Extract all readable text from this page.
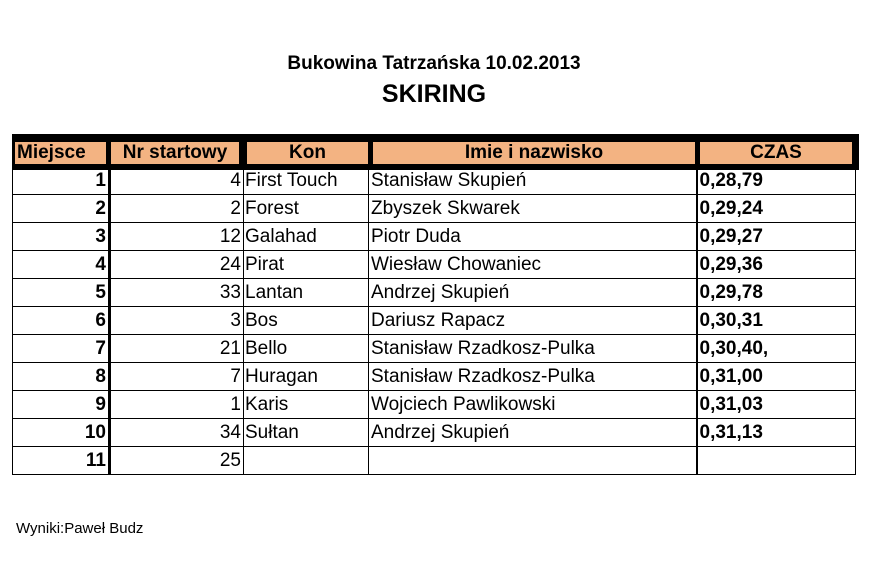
Bukowina Tatrzańska 10.02.2013
SKIRING
Miejsce	Nr startowy	Kon	Imie i nazwisko	CZAS
1	4	First Touch	Stanisław Skupień	0,28,79
2	2	Forest	Zbyszek Skwarek	0,29,24
3	12	Galahad	Piotr Duda	0,29,27
4	24	Pirat	Wiesław Chowaniec	0,29,36
5	33	Lantan	Andrzej Skupień	0,29,78
6	3	Bos	Dariusz Rapacz	0,30,31
7	21	Bello	Stanisław Rzadkosz-Pulka	0,30,40,
8	7	Huragan	Stanisław Rzadkosz-Pulka	0,31,00
9	1	Karis	Wojciech Pawlikowski	0,31,03
10	34	Sułtan	Andrzej Skupień	0,31,13
11	25			
Wyniki:Paweł Budz
